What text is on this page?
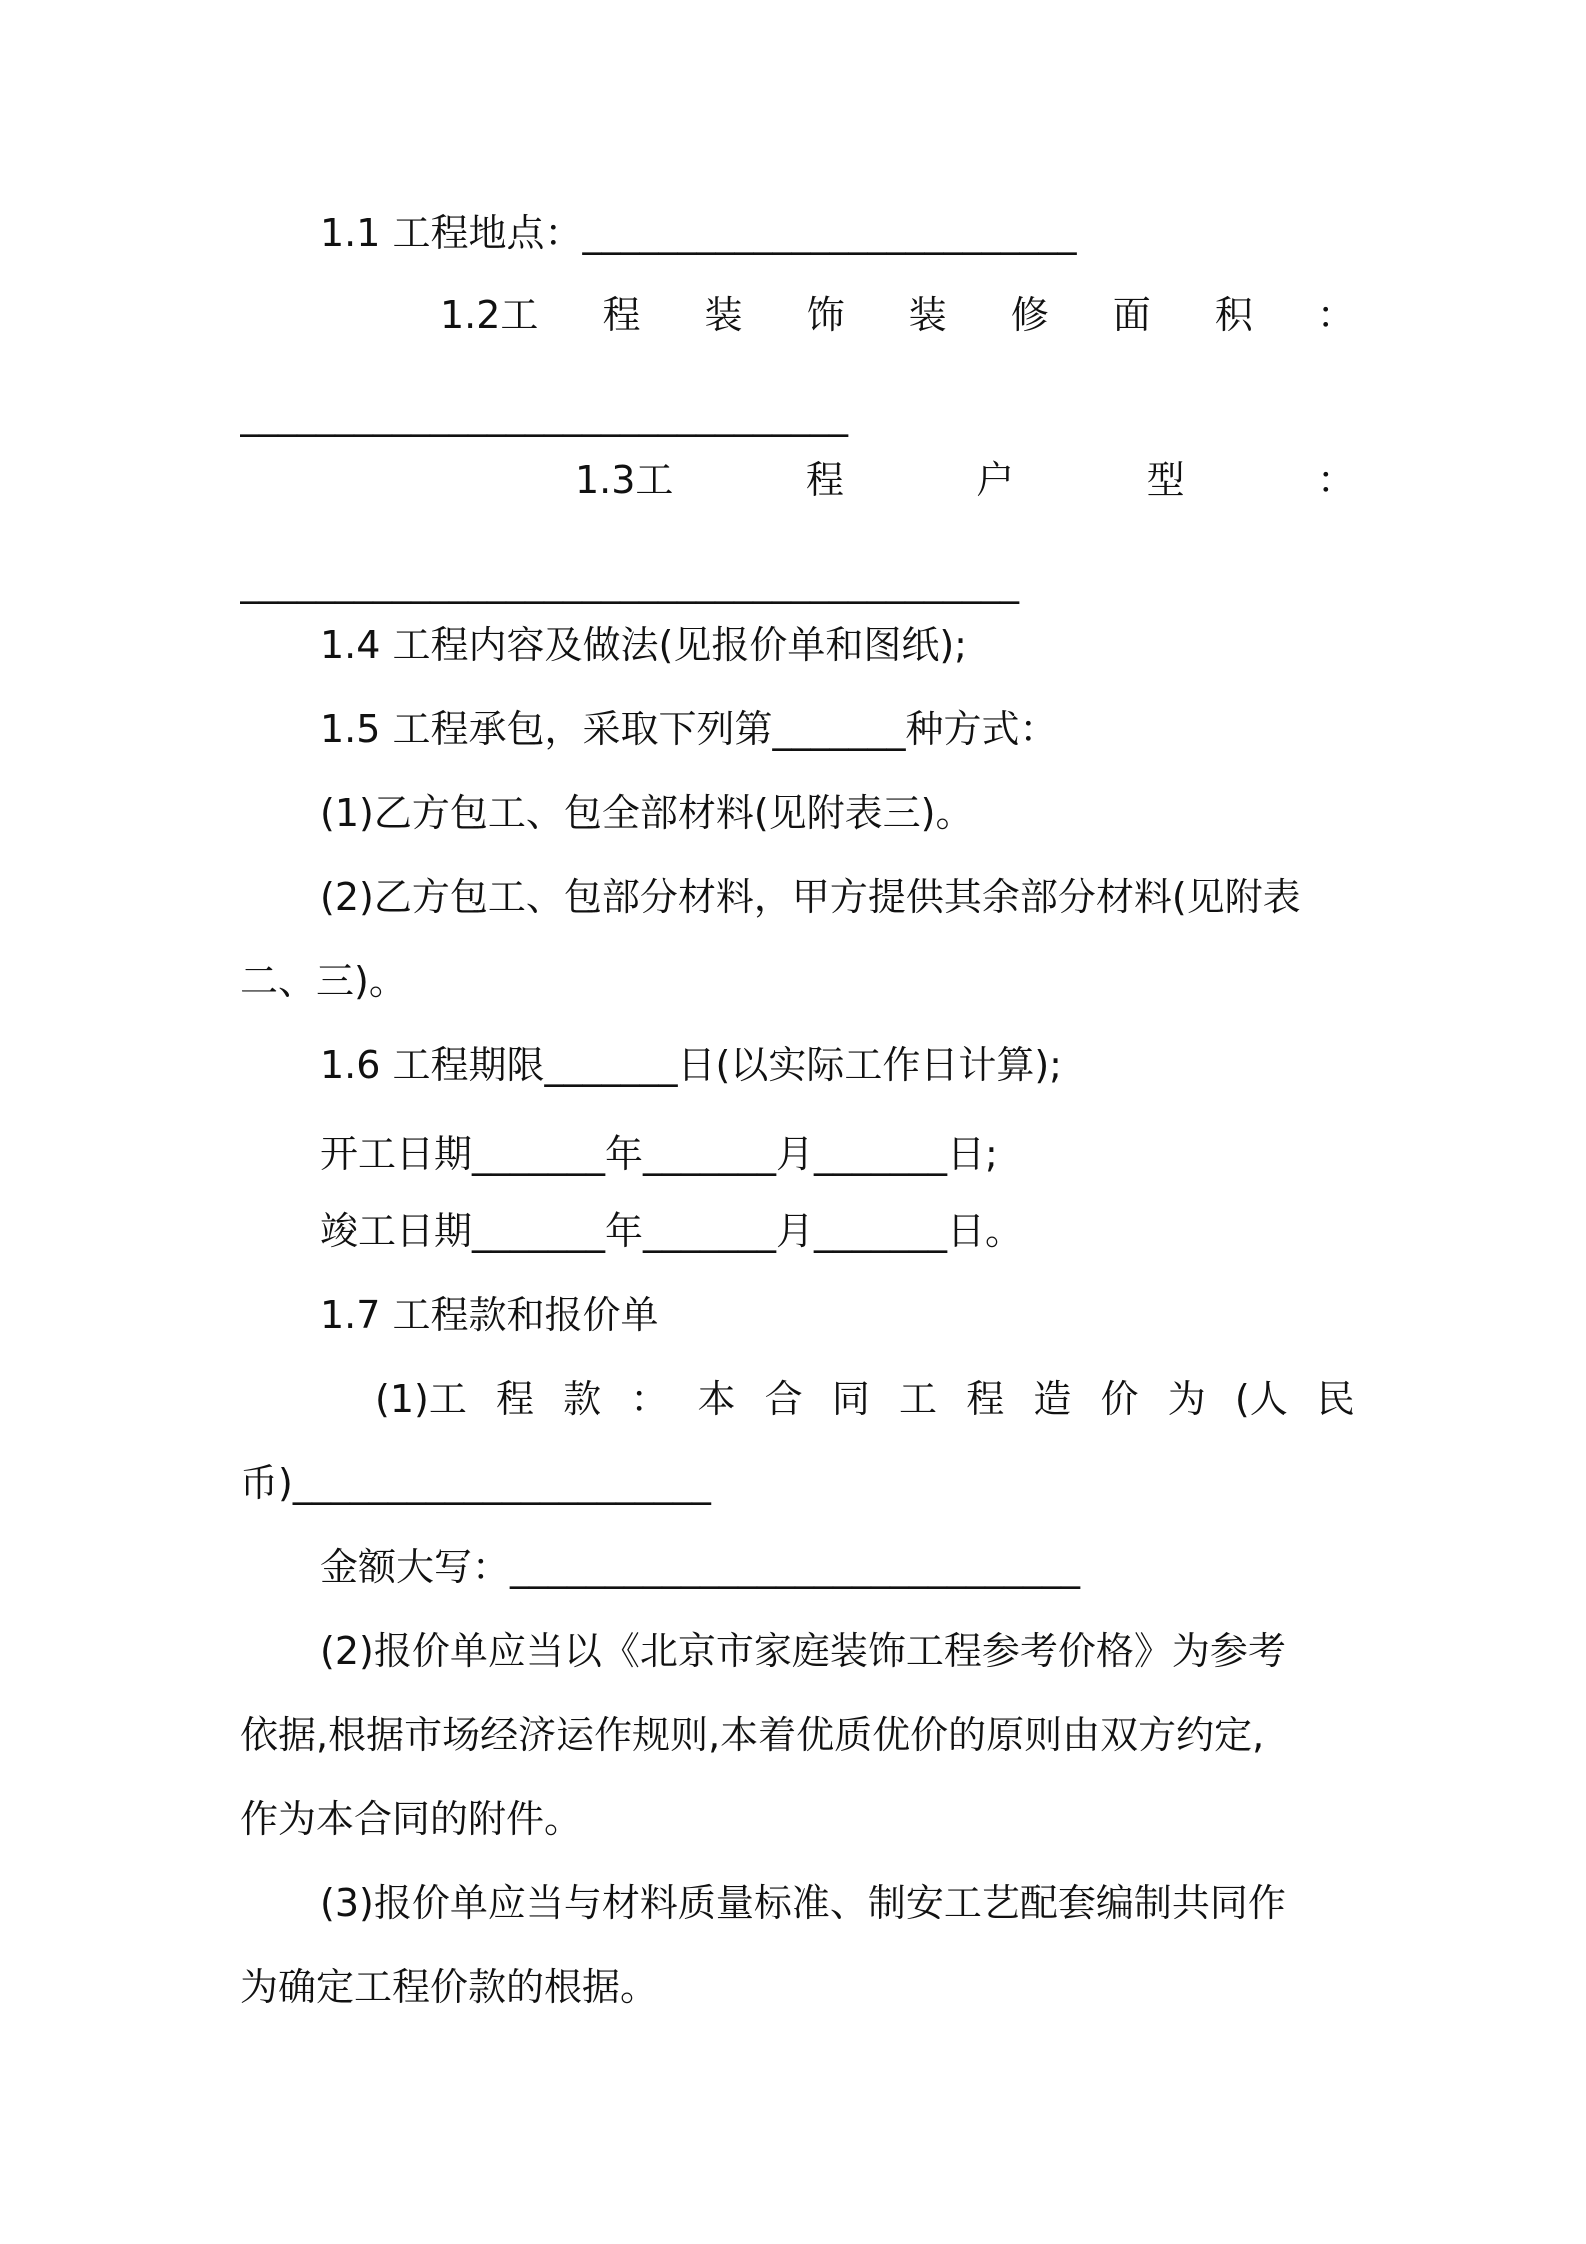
1.1 工程地点：__________________________
1.2工 程 装 饰 装 修 面 积 ：
________________________________
1.3工	程	户	型	：
_________________________________________
1.4 工程内容及做法(见报价单和图纸);
1.5 工程承包，采取下列第_______种方式：
(1)乙方包工、包全部材料(见附表三)。
(2)乙方包工、包部分材料，甲方提供其余部分材料(见附表
二、三)。
1.6 工程期限_______日(以实际工作日计算);
开工日期_______年_______月_______日;
竣工日期_______年_______月_______日。
1.7 工程款和报价单
(1)工 程 款 ： 本 合 同 工 程 造 价 为 (人 民
币)______________________
金额大写：______________________________
(2)报价单应当以《北京市家庭装饰工程参考价格》为参考
依据,根据市场经济运作规则,本着优质优价的原则由双方约定,
作为本合同的附件。
(3)报价单应当与材料质量标准、制安工艺配套编制共同作
为确定工程价款的根据。
